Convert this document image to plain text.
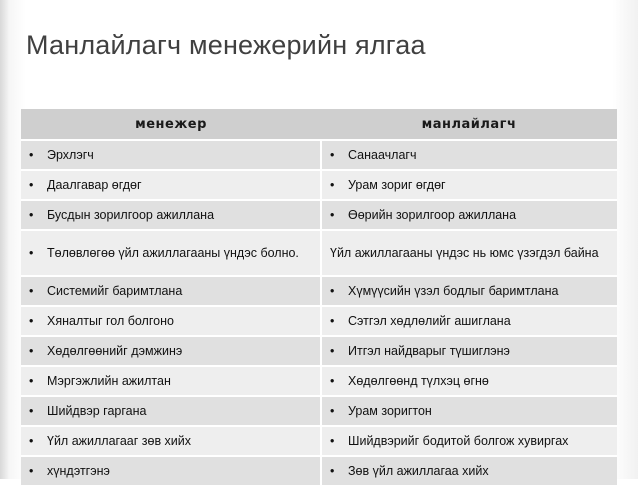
Манлайлагч менежерийн ялгаа
менежер	манлайлагч

• Эрхлэгч	• Санаачлагч

• Даалгавар өгдөг	• Урам зориг өгдөг

• Бусдын зорилгоор ажиллана	• Өөрийн зорилгоор ажиллана

• Төлөвлөгөө үйл ажиллагааны үндэс болно.	Үйл ажиллагааны үндэс нь юмс үзэгдэл байна

• Системийг баримтлана	• Хүмүүсийн үзэл бодлыг баримтлана

• Хяналтыг гол болгоно	• Сэтгэл хөдлөлийг ашиглана

• Хөдөлгөөнийг дэмжинэ	• Итгэл найдварыг түшиглэнэ

• Мэргэжлийн ажилтан	• Хөдөлгөөнд түлхэц өгнө

• Шийдвэр гаргана	• Урам зоригтон

• Үйл ажиллагааг зөв хийх	• Шийдвэрийг бодитой болгож хувиргах

• хүндэтгэнэ	• Зөв үйл ажиллагаа хийх
